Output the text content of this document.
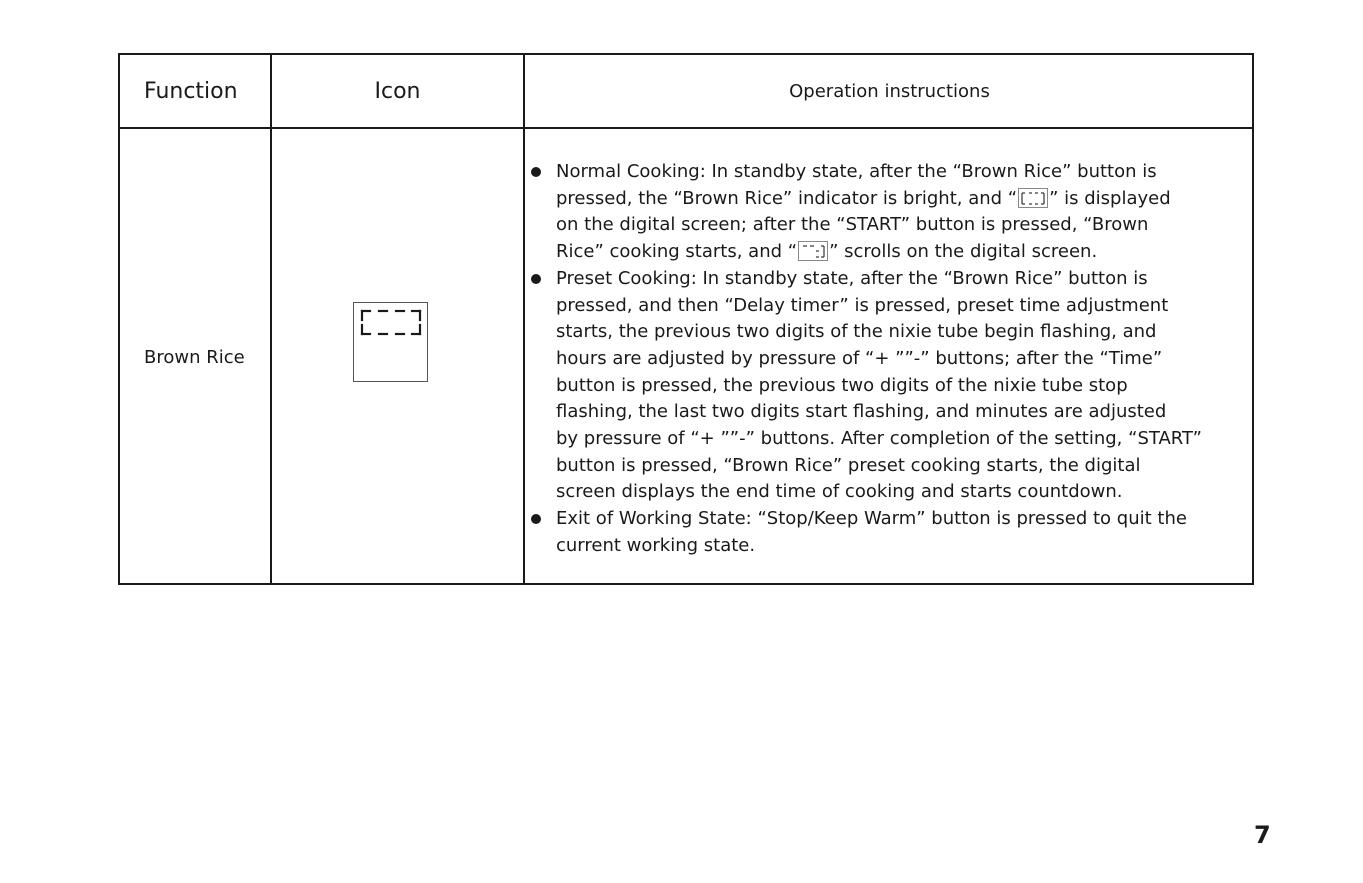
Function	Icon	Operation instructions
Brown Rice
Normal Cooking: In standby state, after the “Brown Rice” button is
pressed, the “Brown Rice” indicator is bright, and “ ” is displayed
on the digital screen; after the “START” button is pressed, “Brown
Rice” cooking starts, and “ ” scrolls on the digital screen.
Preset Cooking: In standby state, after the “Brown Rice” button is
pressed, and then “Delay timer” is pressed, preset time adjustment
starts, the previous two digits of the nixie tube begin flashing, and
hours are adjusted by pressure of “+ ””-” buttons; after the “Time”
button is pressed, the previous two digits of the nixie tube stop
flashing, the last two digits start flashing, and minutes are adjusted
by pressure of “+ ””-” buttons. After completion of the setting, “START”
button is pressed, “Brown Rice” preset cooking starts, the digital
screen displays the end time of cooking and starts countdown.
Exit of Working State: “Stop/Keep Warm” button is pressed to quit the
current working state.
7
